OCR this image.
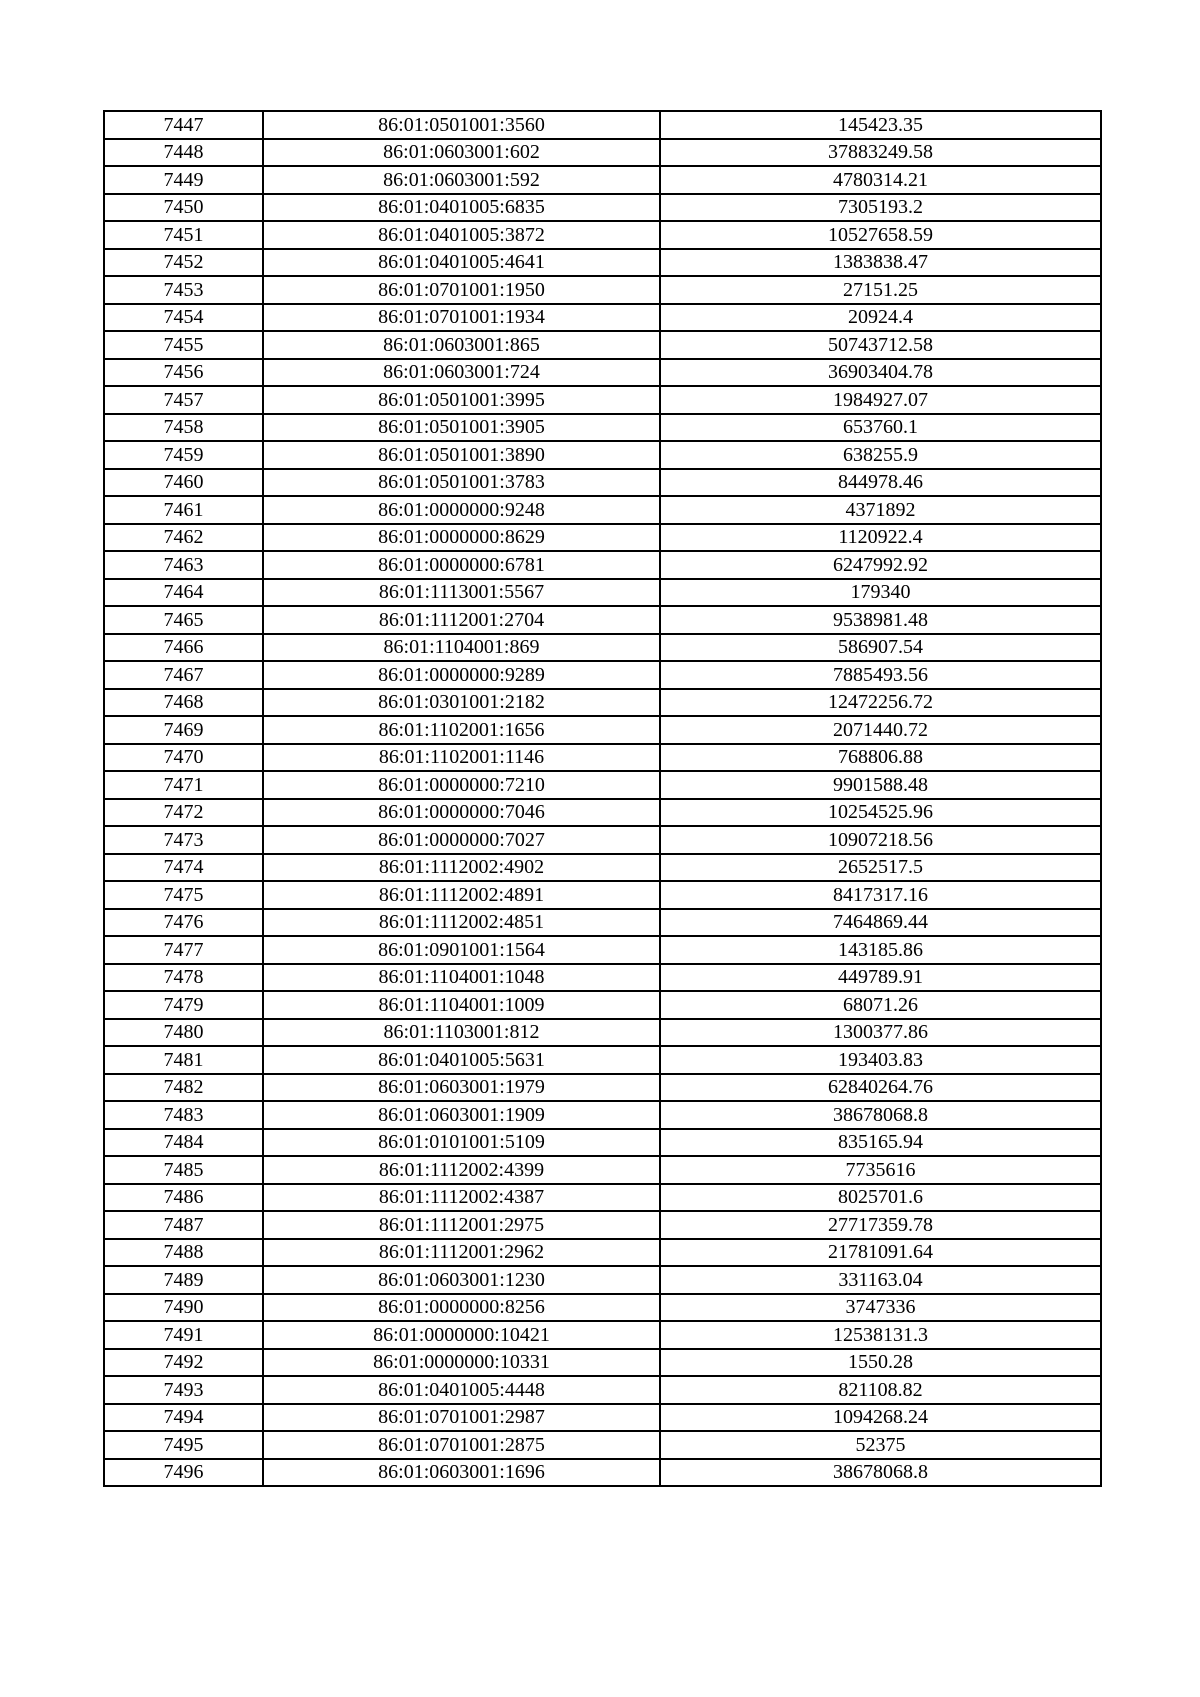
7447	86:01:0501001:3560	145423.35
7448	86:01:0603001:602	37883249.58
7449	86:01:0603001:592	4780314.21
7450	86:01:0401005:6835	7305193.2
7451	86:01:0401005:3872	10527658.59
7452	86:01:0401005:4641	1383838.47
7453	86:01:0701001:1950	27151.25
7454	86:01:0701001:1934	20924.4
7455	86:01:0603001:865	50743712.58
7456	86:01:0603001:724	36903404.78
7457	86:01:0501001:3995	1984927.07
7458	86:01:0501001:3905	653760.1
7459	86:01:0501001:3890	638255.9
7460	86:01:0501001:3783	844978.46
7461	86:01:0000000:9248	4371892
7462	86:01:0000000:8629	1120922.4
7463	86:01:0000000:6781	6247992.92
7464	86:01:1113001:5567	179340
7465	86:01:1112001:2704	9538981.48
7466	86:01:1104001:869	586907.54
7467	86:01:0000000:9289	7885493.56
7468	86:01:0301001:2182	12472256.72
7469	86:01:1102001:1656	2071440.72
7470	86:01:1102001:1146	768806.88
7471	86:01:0000000:7210	9901588.48
7472	86:01:0000000:7046	10254525.96
7473	86:01:0000000:7027	10907218.56
7474	86:01:1112002:4902	2652517.5
7475	86:01:1112002:4891	8417317.16
7476	86:01:1112002:4851	7464869.44
7477	86:01:0901001:1564	143185.86
7478	86:01:1104001:1048	449789.91
7479	86:01:1104001:1009	68071.26
7480	86:01:1103001:812	1300377.86
7481	86:01:0401005:5631	193403.83
7482	86:01:0603001:1979	62840264.76
7483	86:01:0603001:1909	38678068.8
7484	86:01:0101001:5109	835165.94
7485	86:01:1112002:4399	7735616
7486	86:01:1112002:4387	8025701.6
7487	86:01:1112001:2975	27717359.78
7488	86:01:1112001:2962	21781091.64
7489	86:01:0603001:1230	331163.04
7490	86:01:0000000:8256	3747336
7491	86:01:0000000:10421	12538131.3
7492	86:01:0000000:10331	1550.28
7493	86:01:0401005:4448	821108.82
7494	86:01:0701001:2987	1094268.24
7495	86:01:0701001:2875	52375
7496	86:01:0603001:1696	38678068.8
